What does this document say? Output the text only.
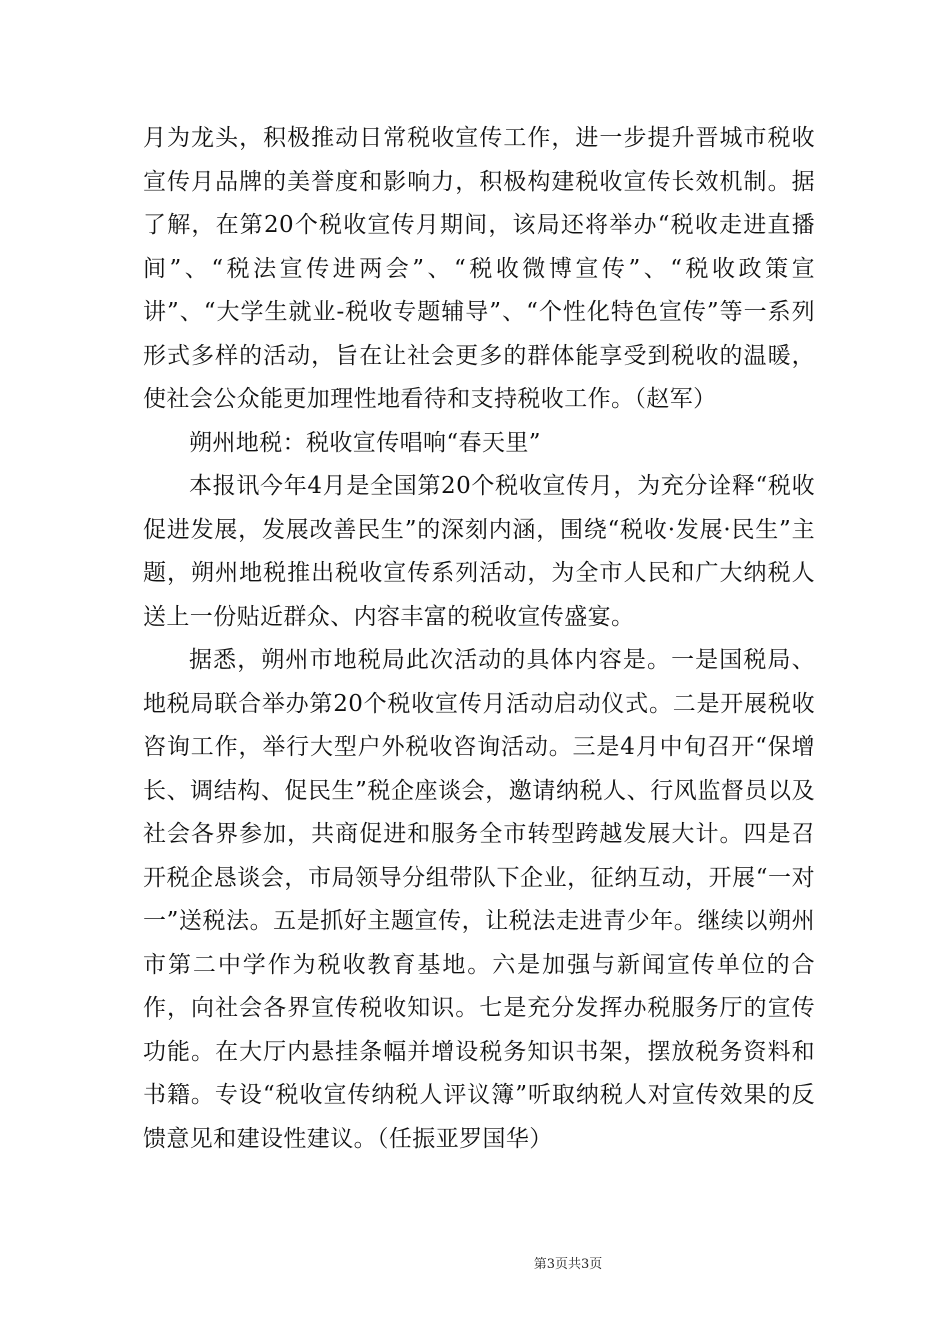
月为龙头，积极推动日常税收宣传工作，进一步提升晋城市税收宣传月品牌的美誉度和影响力，积极构建税收宣传长效机制。据了解，在第20个税收宣传月期间，该局还将举办“税收走进直播间”、“税法宣传进两会”、“税收微博宣传”、“税收政策宣讲”、“大学生就业-税收专题辅导”、“个性化特色宣传”等一系列形式多样的活动，旨在让社会更多的群体能享受到税收的温暖，使社会公众能更加理性地看待和支持税收工作。（赵军）

朔州地税：税收宣传唱响“春天里”

本报讯今年4月是全国第20个税收宣传月，为充分诠释“税收促进发展，发展改善民生”的深刻内涵，围绕“税收·发展·民生”主题，朔州地税推出税收宣传系列活动，为全市人民和广大纳税人送上一份贴近群众、内容丰富的税收宣传盛宴。

据悉，朔州市地税局此次活动的具体内容是。一是国税局、地税局联合举办第20个税收宣传月活动启动仪式。二是开展税收咨询工作，举行大型户外税收咨询活动。三是4月中旬召开“保增长、调结构、促民生”税企座谈会，邀请纳税人、行风监督员以及社会各界参加，共商促进和服务全市转型跨越发展大计。四是召开税企恳谈会，市局领导分组带队下企业，征纳互动，开展“一对一”送税法。五是抓好主题宣传，让税法走进青少年。继续以朔州市第二中学作为税收教育基地。六是加强与新闻宣传单位的合作，向社会各界宣传税收知识。七是充分发挥办税服务厅的宣传功能。在大厅内悬挂条幅并增设税务知识书架，摆放税务资料和书籍。专设“税收宣传纳税人评议簿”听取纳税人对宣传效果的反馈意见和建设性建议。（任振亚罗国华）

第3页共3页
